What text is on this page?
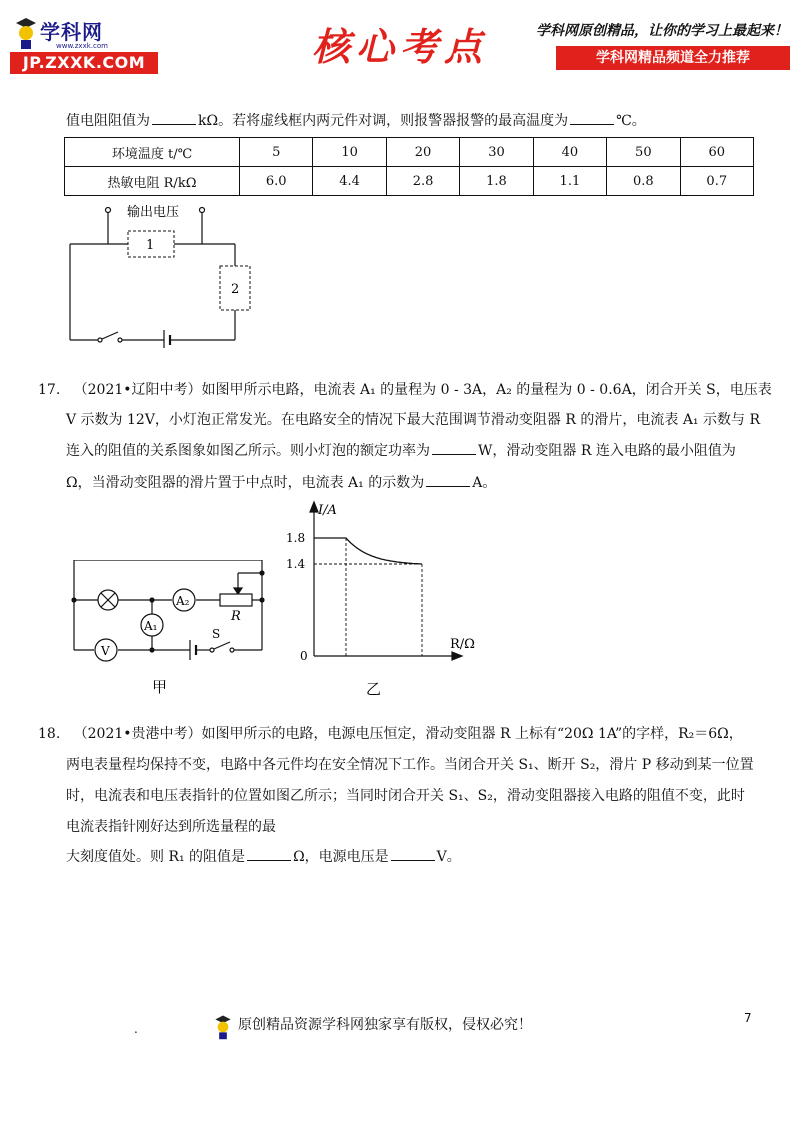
学科网
www.zxxk.com
JP.ZXXK.COM	核心考点	学科网原创精品，让你的学习上最起来！
学科网精品频道全力推荐
值电阻阻值为	kΩ。若将虚线框内两元件对调，则报警器报警的最高温度为	℃。
环境温度 t/℃	5	10	20	30	40	50	60
热敏电阻 R/kΩ	6.0	4.4	2.8	1.8	1.1	0.8	0.7
输出电压
1
2
17. （2021•辽阳中考）如图甲所示电路，电流表 A₁ 的量程为 0 - 3A，A₂ 的量程为 0 - 0.6A，闭合开关 S，电压表
V 示数为 12V，小灯泡正常发光。在电路安全的情况下最大范围调节滑动变阻器 R 的滑片，电流表 A₁ 示数与 R
连入的阻值的关系图象如图乙所示。则小灯泡的额定功率为	W，滑动变阻器 R 连入电路的最小阻值为
Ω，当滑动变阻器的滑片置于中点时，电流表 A₁ 的示数为	A。
A₂
A₁
V
R
S
甲
I/A
1.8
1.4
0
R/Ω
乙
18. （2021•贵港中考）如图甲所示的电路，电源电压恒定，滑动变阻器 R 上标有“20Ω 1A”的字样，R₂＝6Ω，
两电表量程均保持不变，电路中各元件均在安全情况下工作。当闭合开关 S₁、断开 S₂，滑片 P 移动到某一位置
时，电流表和电压表指针的位置如图乙所示；当同时闭合开关 S₁、S₂，滑动变阻器接入电路的阻值不变，此时
电流表指针刚好达到所选量程的最
大刻度值处。则 R₁ 的阻值是	Ω，电源电压是	V。
.	原创精品资源学科网独家享有版权，侵权必究！	7
